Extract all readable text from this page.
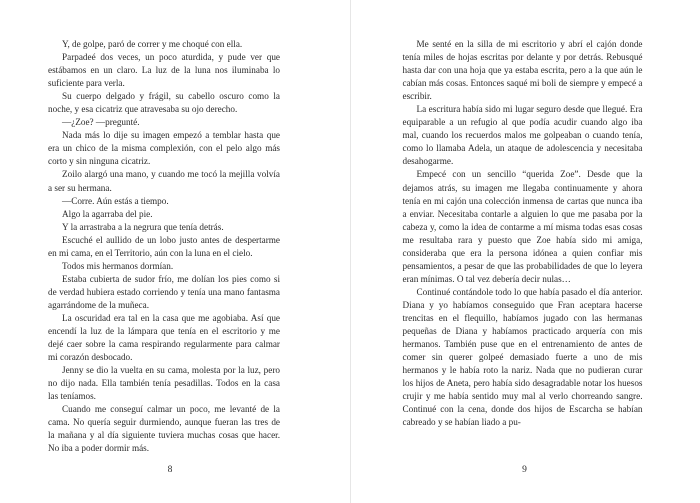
Y, de golpe, paró de correr y me choqué con ella.

Parpadeé dos veces, un poco aturdida, y pude ver que estábamos en un claro. La luz de la luna nos iluminaba lo suficiente para verla.

Su cuerpo delgado y frágil, su cabello oscuro como la noche, y esa cicatriz que atravesaba su ojo derecho.

—¿Zoe? —pregunté.

Nada más lo dije su imagen empezó a temblar hasta que era un chico de la misma complexión, con el pelo algo más corto y sin ninguna cicatriz.

Zoilo alargó una mano, y cuando me tocó la mejilla volvía a ser su hermana.

—Corre. Aún estás a tiempo.

Algo la agarraba del pie.

Y la arrastraba a la negrura que tenía detrás.

Escuché el aullido de un lobo justo antes de despertarme en mi cama, en el Territorio, aún con la luna en el cielo.

Todos mis hermanos dormían.

Estaba cubierta de sudor frío, me dolían los pies como si de verdad hubiera estado corriendo y tenía una mano fantasma agarrándome de la muñeca.

La oscuridad era tal en la casa que me agobiaba. Así que encendí la luz de la lámpara que tenía en el escritorio y me dejé caer sobre la cama respirando regularmente para calmar mi corazón desbocado.

Jenny se dio la vuelta en su cama, molesta por la luz, pero no dijo nada. Ella también tenía pesadillas. Todos en la casa las teníamos.

Cuando me conseguí calmar un poco, me levanté de la cama. No quería seguir durmiendo, aunque fueran las tres de la mañana y al día siguiente tuviera muchas cosas que hacer. No iba a poder dormir más.

8

Me senté en la silla de mi escritorio y abrí el cajón donde tenía miles de hojas escritas por delante y por detrás. Rebusqué hasta dar con una hoja que ya estaba escrita, pero a la que aún le cabían más cosas. Entonces saqué mi boli de siempre y empecé a escribir.

La escritura había sido mi lugar seguro desde que llegué. Era equiparable a un refugio al que podía acudir cuando algo iba mal, cuando los recuerdos malos me golpeaban o cuando tenía, como lo llamaba Adela, un ataque de adolescencia y necesitaba desahogarme.

Empecé con un sencillo “querida Zoe”. Desde que la dejamos atrás, su imagen me llegaba continuamente y ahora tenía en mi cajón una colección inmensa de cartas que nunca iba a enviar. Necesitaba contarle a alguien lo que me pasaba por la cabeza y, como la idea de contarme a mí misma todas esas cosas me resultaba rara y puesto que Zoe había sido mi amiga, consideraba que era la persona idónea a quien confiar mis pensamientos, a pesar de que las probabilidades de que lo leyera eran mínimas. O tal vez debería decir nulas…

Continué contándole todo lo que había pasado el día anterior. Diana y yo habíamos conseguido que Fran aceptara hacerse trencitas en el flequillo, habíamos jugado con las hermanas pequeñas de Diana y habíamos practicado arquería con mis hermanos. También puse que en el entrenamiento de antes de comer sin querer golpeé demasiado fuerte a uno de mis hermanos y le había roto la nariz. Nada que no pudieran curar los hijos de Aneta, pero había sido desagradable notar los huesos crujir y me había sentido muy mal al verlo chorreando sangre. Continué con la cena, donde dos hijos de Escarcha se habían cabreado y se habían liado a pu-

9
